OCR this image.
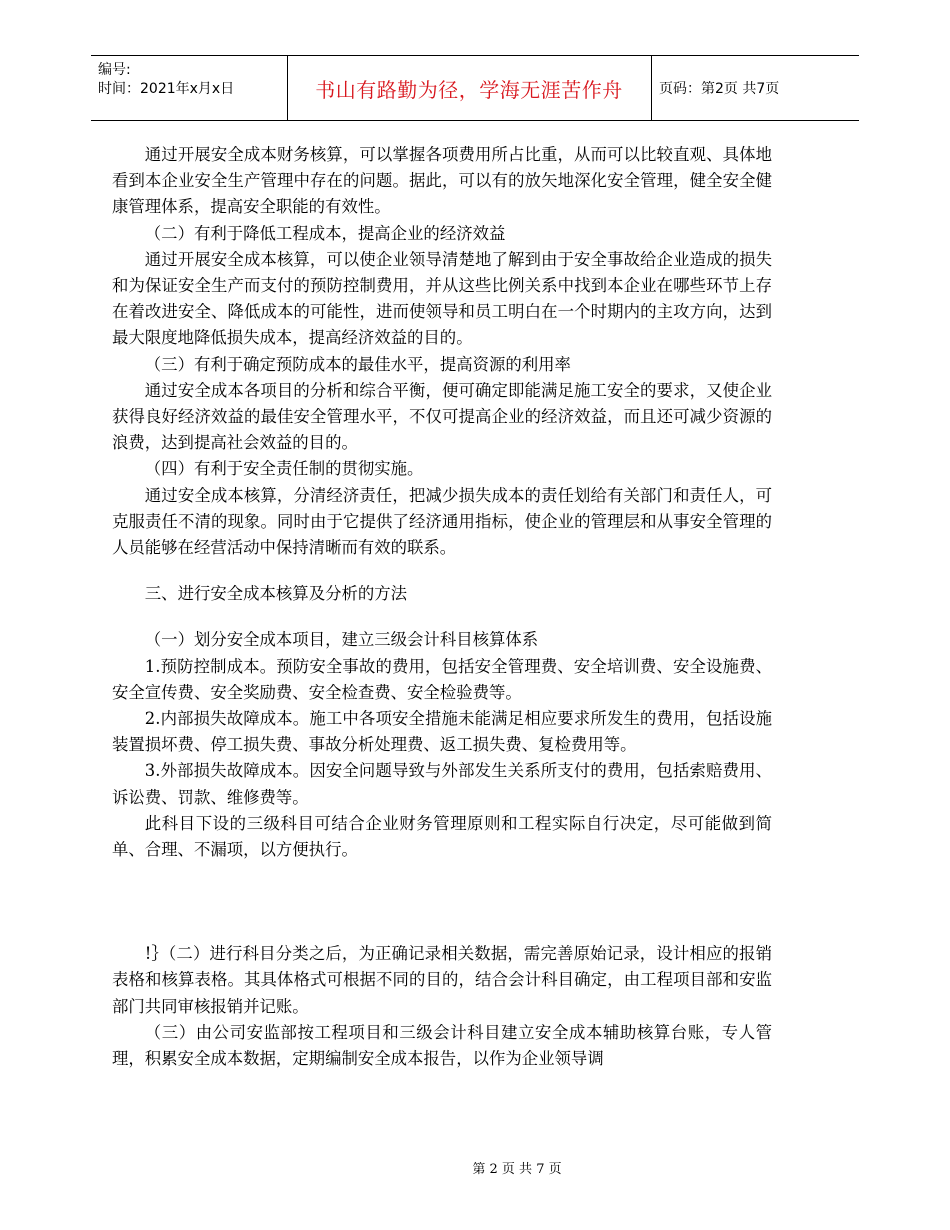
编号:
时间：2021年x月x日	书山有路勤为径，学海无涯苦作舟	页码：第2页 共7页

通过开展安全成本财务核算，可以掌握各项费用所占比重，从而可以比较直观、具体地看到本企业安全生产管理中存在的问题。据此，可以有的放矢地深化安全管理，健全安全健康管理体系，提高安全职能的有效性。

（二）有利于降低工程成本，提高企业的经济效益

通过开展安全成本核算，可以使企业领导清楚地了解到由于安全事故给企业造成的损失和为保证安全生产而支付的预防控制费用，并从这些比例关系中找到本企业在哪些环节上存在着改进安全、降低成本的可能性，进而使领导和员工明白在一个时期内的主攻方向，达到最大限度地降低损失成本，提高经济效益的目的。

（三）有利于确定预防成本的最佳水平，提高资源的利用率

通过安全成本各项目的分析和综合平衡，便可确定即能满足施工安全的要求，又使企业获得良好经济效益的最佳安全管理水平，不仅可提高企业的经济效益，而且还可减少资源的浪费，达到提高社会效益的目的。

（四）有利于安全责任制的贯彻实施。

通过安全成本核算，分清经济责任，把减少损失成本的责任划给有关部门和责任人，可克服责任不清的现象。同时由于它提供了经济通用指标，使企业的管理层和从事安全管理的人员能够在经营活动中保持清晰而有效的联系。

三、进行安全成本核算及分析的方法

（一）划分安全成本项目，建立三级会计科目核算体系

1.预防控制成本。预防安全事故的费用，包括安全管理费、安全培训费、安全设施费、安全宣传费、安全奖励费、安全检查费、安全检验费等。

2.内部损失故障成本。施工中各项安全措施未能满足相应要求所发生的费用，包括设施装置损坏费、停工损失费、事故分析处理费、返工损失费、复检费用等。

3.外部损失故障成本。因安全问题导致与外部发生关系所支付的费用，包括索赔费用、诉讼费、罚款、维修费等。

此科目下设的三级科目可结合企业财务管理原则和工程实际自行决定，尽可能做到简单、合理、不漏项，以方便执行。

!｝（二）进行科目分类之后，为正确记录相关数据，需完善原始记录，设计相应的报销表格和核算表格。其具体格式可根据不同的目的，结合会计科目确定，由工程项目部和安监部门共同审核报销并记账。

（三）由公司安监部按工程项目和三级会计科目建立安全成本辅助核算台账，专人管理，积累安全成本数据，定期编制安全成本报告，以作为企业领导调

第 2 页 共 7 页
